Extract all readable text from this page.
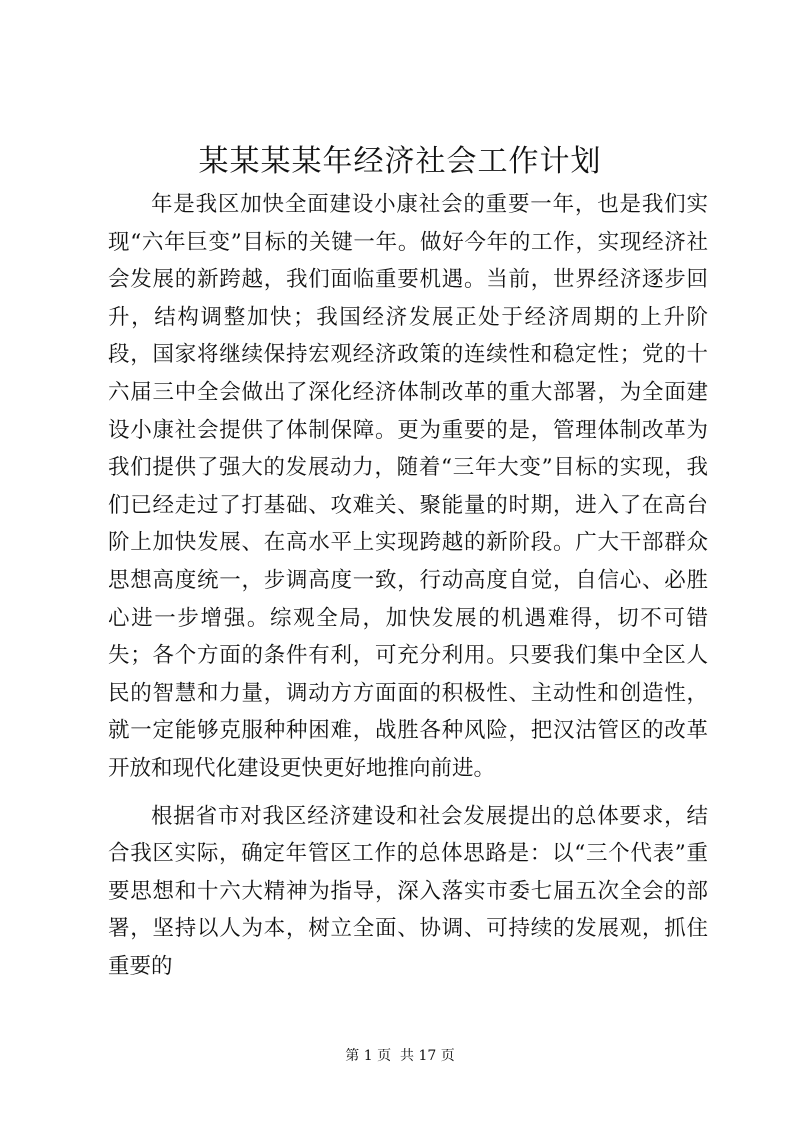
某某某某年经济社会工作计划

年是我区加快全面建设小康社会的重要一年，也是我们实现“六年巨变”目标的关键一年。做好今年的工作，实现经济社会发展的新跨越，我们面临重要机遇。当前，世界经济逐步回升，结构调整加快；我国经济发展正处于经济周期的上升阶段，国家将继续保持宏观经济政策的连续性和稳定性；党的十六届三中全会做出了深化经济体制改革的重大部署，为全面建设小康社会提供了体制保障。更为重要的是，管理体制改革为我们提供了强大的发展动力，随着“三年大变”目标的实现，我们已经走过了打基础、攻难关、聚能量的时期，进入了在高台阶上加快发展、在高水平上实现跨越的新阶段。广大干部群众思想高度统一，步调高度一致，行动高度自觉，自信心、必胜心进一步增强。综观全局，加快发展的机遇难得，切不可错失；各个方面的条件有利，可充分利用。只要我们集中全区人民的智慧和力量，调动方方面面的积极性、主动性和创造性，就一定能够克服种种困难，战胜各种风险，把汉沽管区的改革开放和现代化建设更快更好地推向前进。

根据省市对我区经济建设和社会发展提出的总体要求，结合我区实际，确定年管区工作的总体思路是：以“三个代表”重要思想和十六大精神为指导，深入落实市委七届五次全会的部署，坚持以人为本，树立全面、协调、可持续的发展观，抓住重要的

第 1 页  共 17 页
